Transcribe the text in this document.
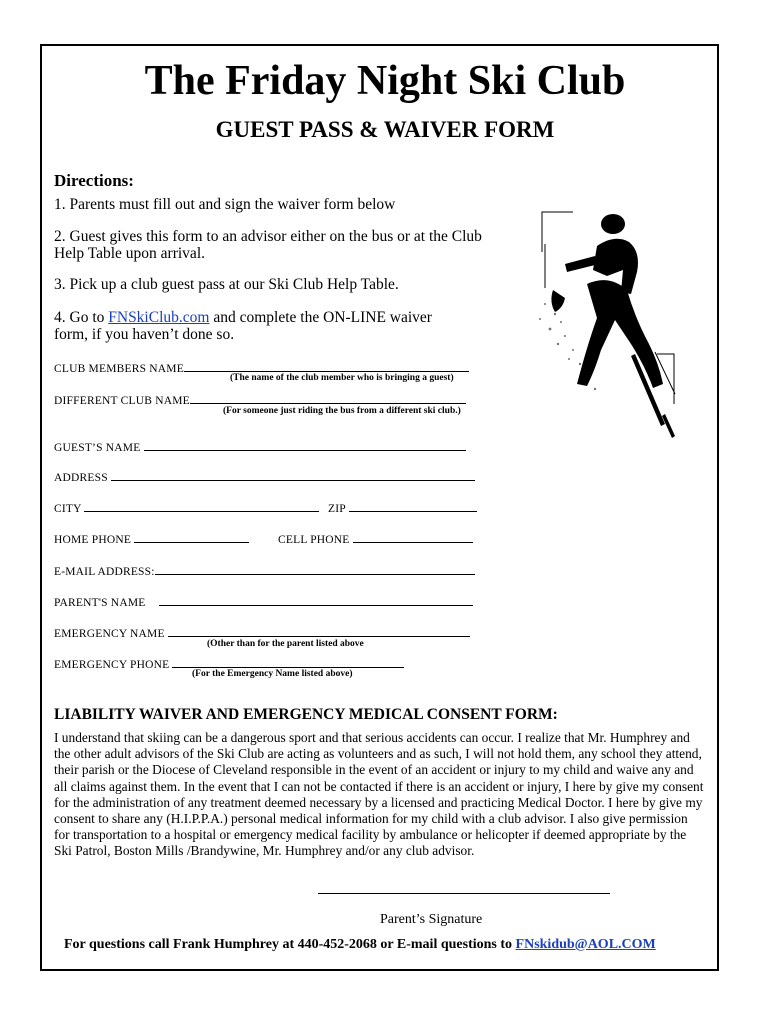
The Friday Night Ski Club
GUEST PASS & WAIVER FORM
Directions:
1. Parents must fill out and sign the waiver form below
2. Guest gives this form to an advisor either on the bus or at the Club Help Table upon arrival.
3. Pick up a club guest pass at our Ski Club Help Table.
4. Go to FNSkiClub.com and complete the ON-LINE waiver form, if you haven’t done so.
CLUB MEMBERS NAME
(The name of the club member who is bringing a guest)
DIFFERENT CLUB NAME
(For someone just riding the bus from a different ski club.)
GUEST’S NAME
ADDRESS
CITY	ZIP
HOME PHONE	CELL PHONE
E-MAIL ADDRESS:
PARENT'S NAME
EMERGENCY NAME
(Other than for the parent listed above
EMERGENCY PHONE
(For the Emergency Name listed above)
LIABILITY WAIVER AND EMERGENCY MEDICAL CONSENT FORM:
I understand that skiing can be a dangerous sport and that serious accidents can occur. I realize that Mr. Humphrey and the other adult advisors of the Ski Club are acting as volunteers and as such, I will not hold them, any school they attend, their parish or the Diocese of Cleveland responsible in the event of an accident or injury to my child and waive any and all claims against them. In the event that I can not be contacted if there is an accident or injury, I here by give my consent for the administration of any treatment deemed necessary by a licensed and practicing Medical Doctor. I here by give my consent to share any (H.I.P.P.A.) personal medical information for my child with a club advisor. I also give permission for transportation to a hospital or emergency medical facility by ambulance or helicopter if deemed appropriate by the Ski Patrol, Boston Mills /Brandywine, Mr. Humphrey and/or any club advisor.
Parent’s Signature
For questions call Frank Humphrey at 440-452-2068 or E-mail questions to FNskidub@AOL.COM
